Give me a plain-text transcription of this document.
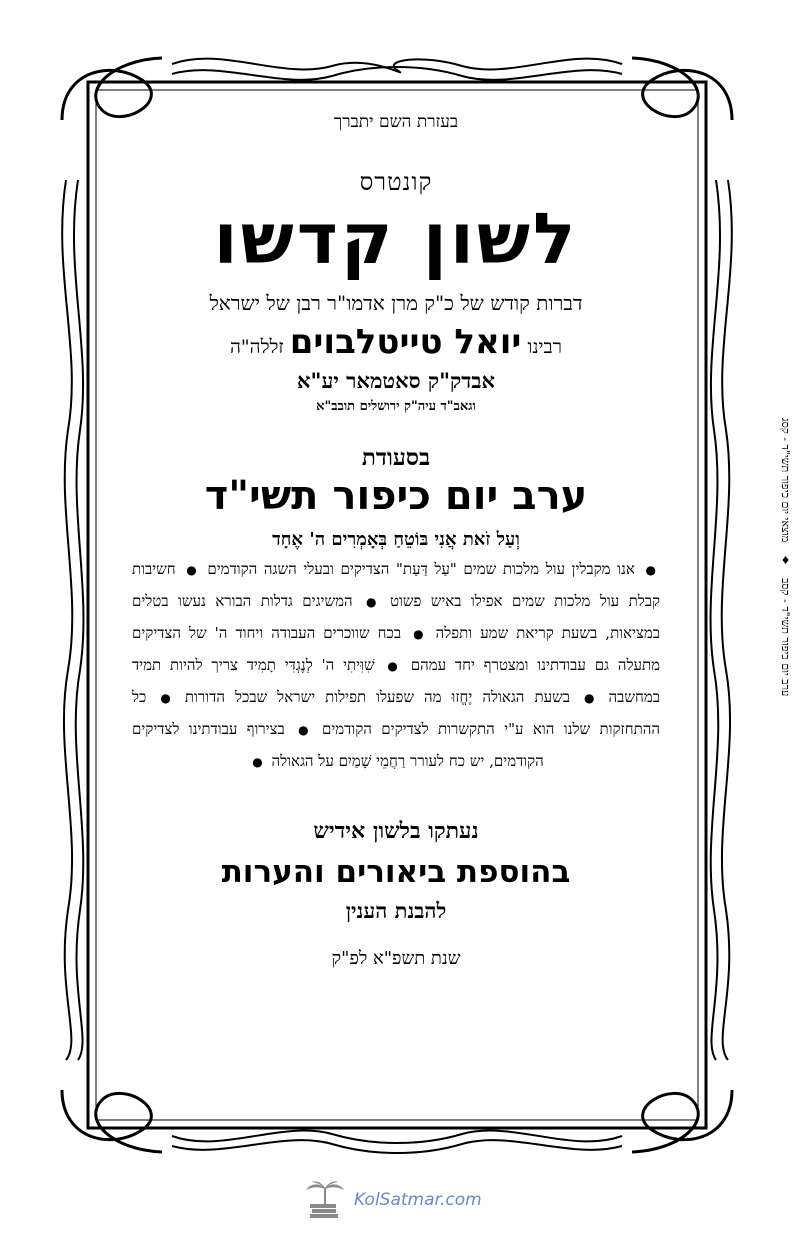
בעזרת השם יתברך
קונטרס
לשון קדשו
דברות קודש של כ"ק מרן אדמו"ר רבן של ישראל
רבינו יואל טייטלבוים זללה"ה
אבדק"ק סאטמאר יע"א
וגאב"ד עיה"ק ירושלים תובב"א
בסעודת
ערב יום כיפור תשי"ד
וְעַל זֹאת אֲנִי בּוֹטֵחַ בְּאָמְרִים ה' אֶחָד
● אנו מקבלין עול מלכות שמים "עַל דַּעַת" הצדיקים ובעלי השגה הקודמים ● חשיבות קבלת עול מלכות שמים אפילו באיש פשוט ● המשיגים גדלות הבורא נעשו בטלים במציאות, בשעת קריאת שמע ותפלה ● בכח שווכרים העבודה ויחוד ה' של הצדיקים מתעלה גם עבודתינו ומצטרף יחד עמהם ● שִׁוִּיתִי ה' לְנֶגְדִּי תָמִיד צריך להיות תמיד במחשבה ● בשעת הגאולה יֶחֱזוּ מה שפעלו תפילות ישראל שבכל הדורות ● כל ההתחזקות שלנו הוא ע"י התקשרות לצדיקים הקודמים ● בצירוף עבודתינו לצדיקים הקודמים, יש כח לעורר רַחֲמֵי שָׁמַיִם על הגאולה ●
נעתקו בלשון אידיש
בהוספת ביאורים והערות
להבנת הענין
שנת תשפ"א לפ"ק
ערב יום כיפור תשי"ד - קסב ♦ מוצאי יום כיפור תשי"ד - קסג
KolSatmar.com
